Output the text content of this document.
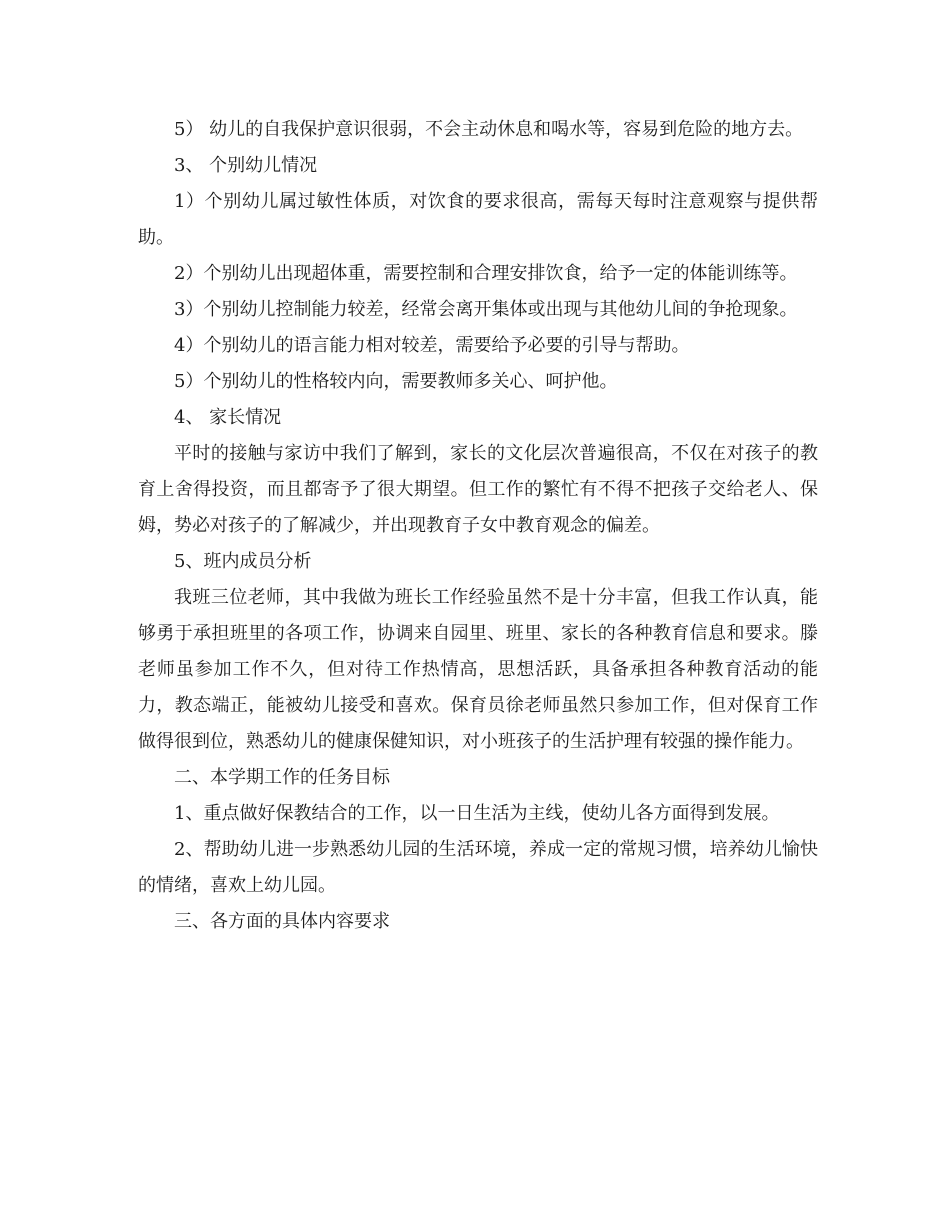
5） 幼儿的自我保护意识很弱，不会主动休息和喝水等，容易到危险的地方去。

3、 个别幼儿情况

1）个别幼儿属过敏性体质，对饮食的要求很高，需每天每时注意观察与提供帮助。

2）个别幼儿出现超体重，需要控制和合理安排饮食，给予一定的体能训练等。

3）个别幼儿控制能力较差，经常会离开集体或出现与其他幼儿间的争抢现象。

4）个别幼儿的语言能力相对较差，需要给予必要的引导与帮助。

5）个别幼儿的性格较内向，需要教师多关心、呵护他。

4、 家长情况

平时的接触与家访中我们了解到，家长的文化层次普遍很高，不仅在对孩子的教育上舍得投资，而且都寄予了很大期望。但工作的繁忙有不得不把孩子交给老人、保姆，势必对孩子的了解减少，并出现教育子女中教育观念的偏差。

5、班内成员分析

我班三位老师，其中我做为班长工作经验虽然不是十分丰富，但我工作认真，能够勇于承担班里的各项工作，协调来自园里、班里、家长的各种教育信息和要求。滕老师虽参加工作不久，但对待工作热情高，思想活跃，具备承担各种教育活动的能力，教态端正，能被幼儿接受和喜欢。保育员徐老师虽然只参加工作，但对保育工作做得很到位，熟悉幼儿的健康保健知识，对小班孩子的生活护理有较强的操作能力。

二、本学期工作的任务目标

1、重点做好保教结合的工作，以一日生活为主线，使幼儿各方面得到发展。

2、帮助幼儿进一步熟悉幼儿园的生活环境，养成一定的常规习惯，培养幼儿愉快的情绪，喜欢上幼儿园。

三、各方面的具体内容要求
